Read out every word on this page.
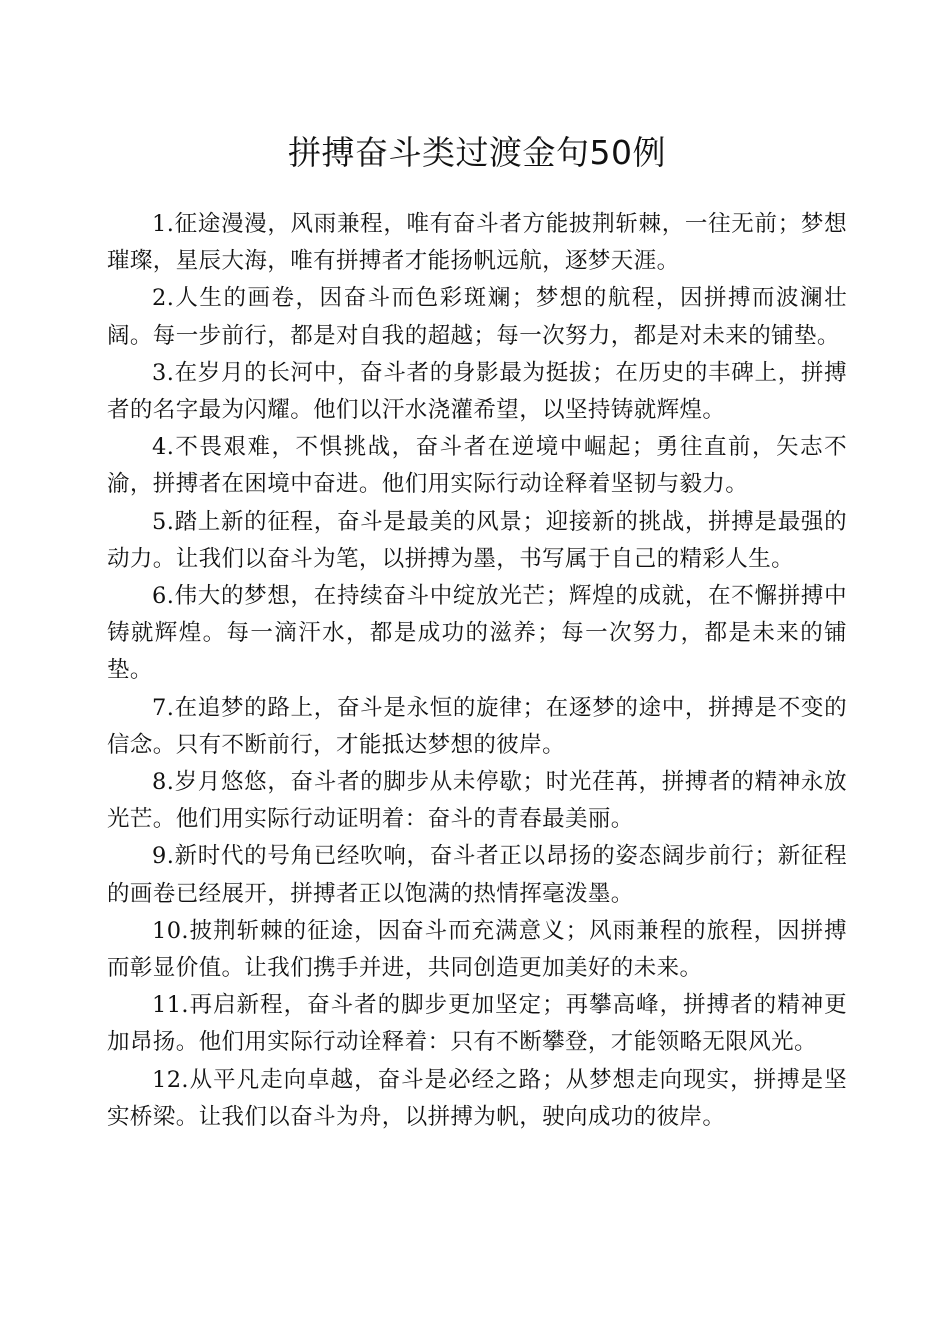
拼搏奋斗类过渡金句50例

1.征途漫漫，风雨兼程，唯有奋斗者方能披荆斩棘，一往无前；梦想璀璨，星辰大海，唯有拼搏者才能扬帆远航，逐梦天涯。

2.人生的画卷，因奋斗而色彩斑斓；梦想的航程，因拼搏而波澜壮阔。每一步前行，都是对自我的超越；每一次努力，都是对未来的铺垫。

3.在岁月的长河中，奋斗者的身影最为挺拔；在历史的丰碑上，拼搏者的名字最为闪耀。他们以汗水浇灌希望，以坚持铸就辉煌。

4.不畏艰难，不惧挑战，奋斗者在逆境中崛起；勇往直前，矢志不渝，拼搏者在困境中奋进。他们用实际行动诠释着坚韧与毅力。

5.踏上新的征程，奋斗是最美的风景；迎接新的挑战，拼搏是最强的动力。让我们以奋斗为笔，以拼搏为墨，书写属于自己的精彩人生。

6.伟大的梦想，在持续奋斗中绽放光芒；辉煌的成就，在不懈拼搏中铸就辉煌。每一滴汗水，都是成功的滋养；每一次努力，都是未来的铺垫。

7.在追梦的路上，奋斗是永恒的旋律；在逐梦的途中，拼搏是不变的信念。只有不断前行，才能抵达梦想的彼岸。

8.岁月悠悠，奋斗者的脚步从未停歇；时光荏苒，拼搏者的精神永放光芒。他们用实际行动证明着：奋斗的青春最美丽。

9.新时代的号角已经吹响，奋斗者正以昂扬的姿态阔步前行；新征程的画卷已经展开，拼搏者正以饱满的热情挥毫泼墨。

10.披荆斩棘的征途，因奋斗而充满意义；风雨兼程的旅程，因拼搏而彰显价值。让我们携手并进，共同创造更加美好的未来。

11.再启新程，奋斗者的脚步更加坚定；再攀高峰，拼搏者的精神更加昂扬。他们用实际行动诠释着：只有不断攀登，才能领略无限风光。

12.从平凡走向卓越，奋斗是必经之路；从梦想走向现实，拼搏是坚实桥梁。让我们以奋斗为舟，以拼搏为帆，驶向成功的彼岸。
